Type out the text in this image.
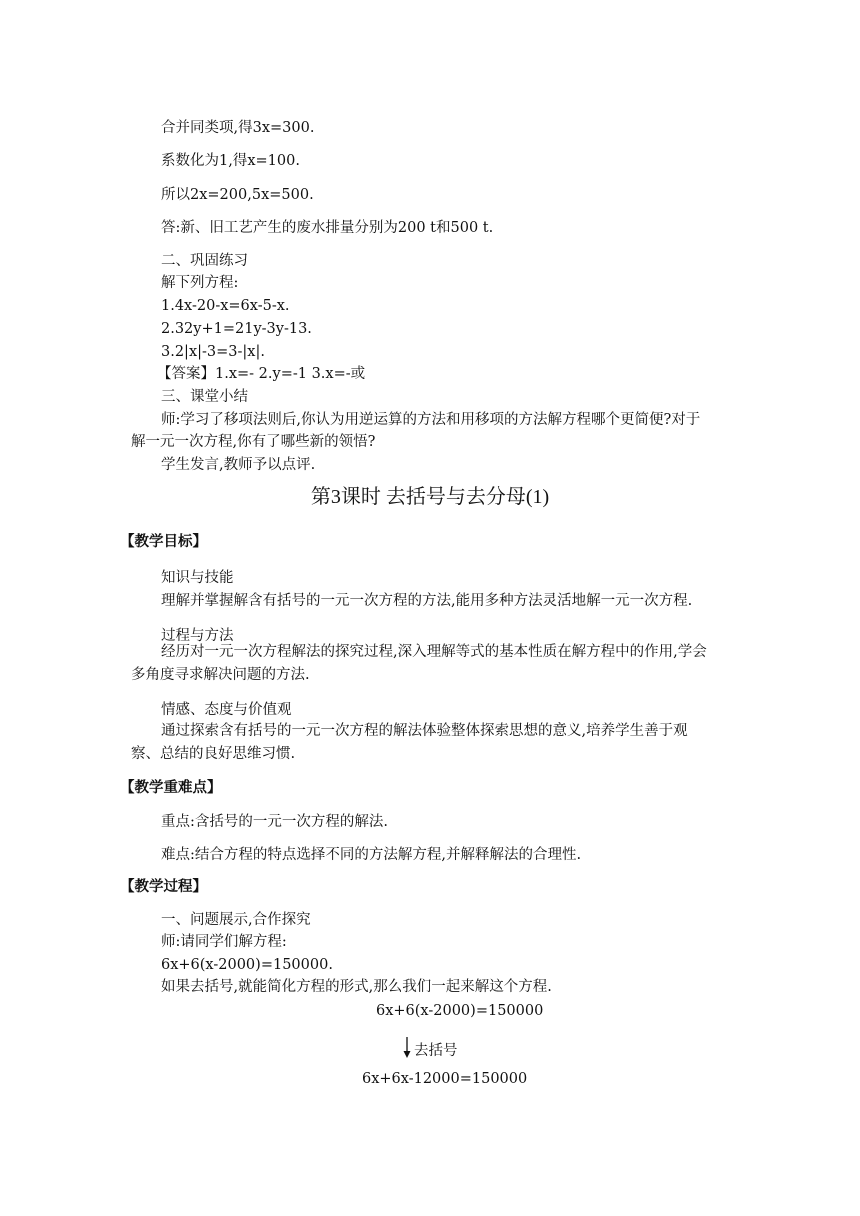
合并同类项,得3x=300.
系数化为1,得x=100.
所以2x=200,5x=500.
答:新、旧工艺产生的废水排量分别为200 t和500 t.
二、巩固练习
解下列方程:
1.4x-20-x=6x-5-x.
2.32y+1=21y-3y-13.
3.2|x|-3=3-|x|.
【答案】1.x=- 2.y=-1 3.x=-或
三、课堂小结
师:学习了移项法则后,你认为用逆运算的方法和用移项的方法解方程哪个更简便?对于
解一元一次方程,你有了哪些新的领悟?
学生发言,教师予以点评.
第3课时 去括号与去分母(1)
【教学目标】
知识与技能
理解并掌握解含有括号的一元一次方程的方法,能用多种方法灵活地解一元一次方程.
过程与方法
经历对一元一次方程解法的探究过程,深入理解等式的基本性质在解方程中的作用,学会
多角度寻求解决问题的方法.
情感、态度与价值观
通过探索含有括号的一元一次方程的解法体验整体探索思想的意义,培养学生善于观
察、总结的良好思维习惯.
【教学重难点】
重点:含括号的一元一次方程的解法.
难点:结合方程的特点选择不同的方法解方程,并解释解法的合理性.
【教学过程】
一、问题展示,合作探究
师:请同学们解方程:
6x+6(x-2000)=150000.
如果去括号,就能简化方程的形式,那么我们一起来解这个方程.
6x+6(x-2000)=150000
去括号
6x+6x-12000=150000
